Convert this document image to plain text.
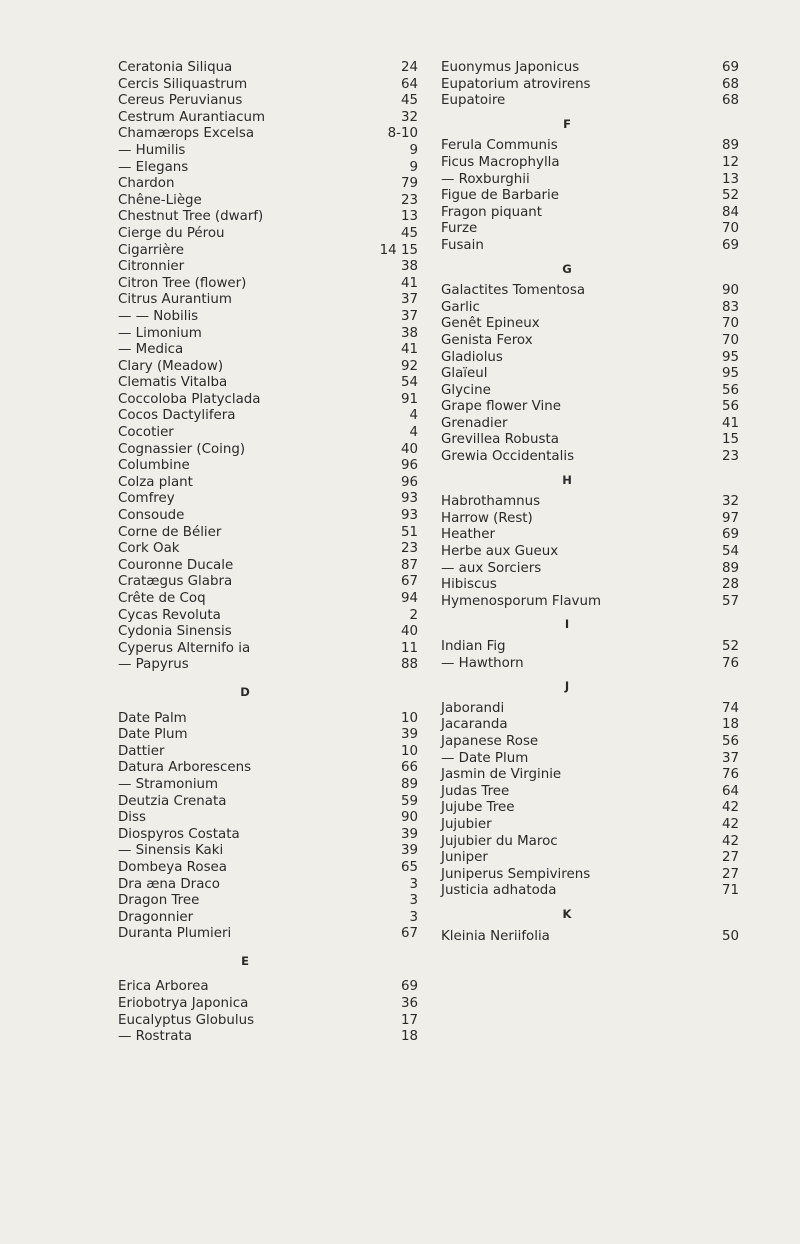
Ceratonia Siliqua	24
Cercis Siliquastrum	64
Cereus Peruvianus	45
Cestrum Aurantiacum	32
Chamærops Excelsa	8-10
— Humilis	9
— Elegans	9
Chardon	79
Chêne-Liège	23
Chestnut Tree (dwarf)	13
Cierge du Pérou	45
Cigarrière	14 15
Citronnier	38
Citron Tree (flower)	41
Citrus Aurantium	37
— — Nobilis	37
— Limonium	38
— Medica	41
Clary (Meadow)	92
Clematis Vitalba	54
Coccoloba Platyclada	91
Cocos Dactylifera	4
Cocotier	4
Cognassier (Coing)	40
Columbine	96
Colza plant	96
Comfrey	93
Consoude	93
Corne de Bélier	51
Cork Oak	23
Couronne Ducale	87
Cratægus Glabra	67
Crête de Coq	94
Cycas Revoluta	2
Cydonia Sinensis	40
Cyperus Alternifo ia	11
— Papyrus	88
D
Date Palm	10
Date Plum	39
Dattier	10
Datura Arborescens	66
— Stramonium	89
Deutzia Crenata	59
Diss	90
Diospyros Costata	39
— Sinensis Kaki	39
Dombeya Rosea	65
Dra æna Draco	3
Dragon Tree	3
Dragonnier	3
Duranta Plumieri	67
E
Erica Arborea	69
Eriobotrya Japonica	36
Eucalyptus Globulus	17
— Rostrata	18
Euonymus Japonicus	69
Eupatorium atrovirens	68
Eupatoire	68
F
Ferula Communis	89
Ficus Macrophylla	12
— Roxburghii	13
Figue de Barbarie	52
Fragon piquant	84
Furze	70
Fusain	69
G
Galactites Tomentosa	90
Garlic	83
Genêt Epineux	70
Genista Ferox	70
Gladiolus	95
Glaïeul	95
Glycine	56
Grape flower Vine	56
Grenadier	41
Grevillea Robusta	15
Grewia Occidentalis	23
H
Habrothamnus	32
Harrow (Rest)	97
Heather	69
Herbe aux Gueux	54
— aux Sorciers	89
Hibiscus	28
Hymenosporum Flavum	57
I
Indian Fig	52
— Hawthorn	76
J
Jaborandi	74
Jacaranda	18
Japanese Rose	56
— Date Plum	37
Jasmin de Virginie	76
Judas Tree	64
Jujube Tree	42
Jujubier	42
Jujubier du Maroc	42
Juniper	27
Juniperus Sempivirens	27
Justicia adhatoda	71
K
Kleinia Neriifolia	50
